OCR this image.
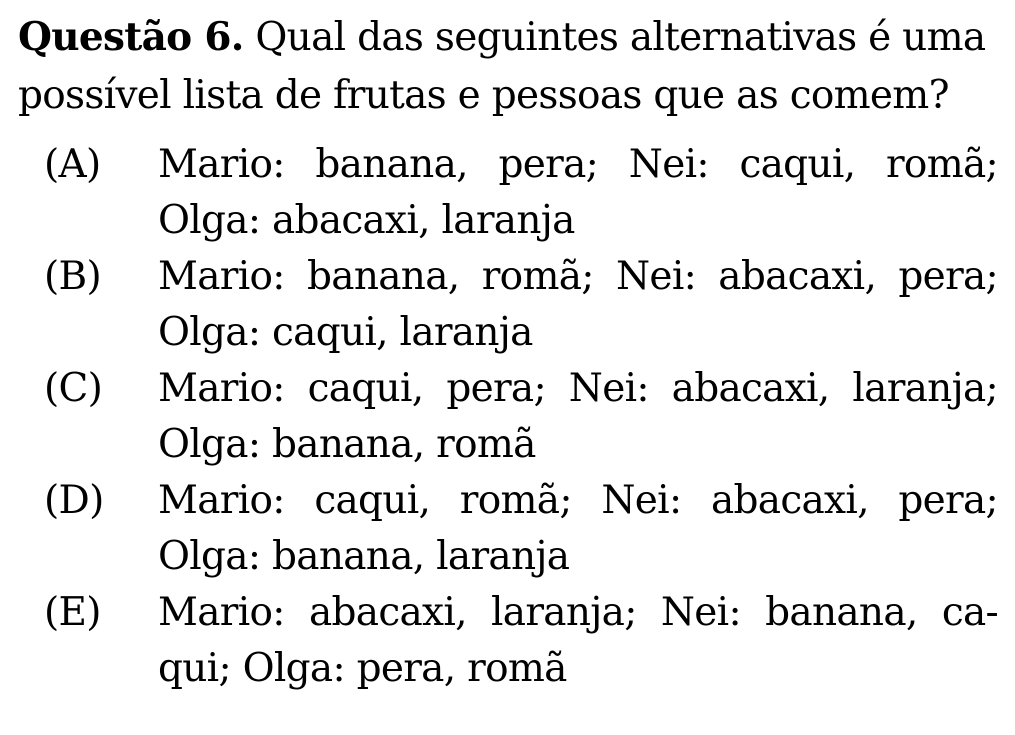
Questão 6. Qual das seguintes alternativas é uma possível lista de frutas e pessoas que as comem?

(A)	Mario: banana, pera; Nei: caqui, romã; Olga: abacaxi, laranja
(B)	Mario: banana, romã; Nei: abacaxi, pera; Olga: caqui, laranja
(C)	Mario: caqui, pera; Nei: abacaxi, laranja; Olga: banana, romã
(D)	Mario: caqui, romã; Nei: abacaxi, pera; Olga: banana, laranja
(E)	Mario: abacaxi, laranja; Nei: banana, ca-qui; Olga: pera, romã
